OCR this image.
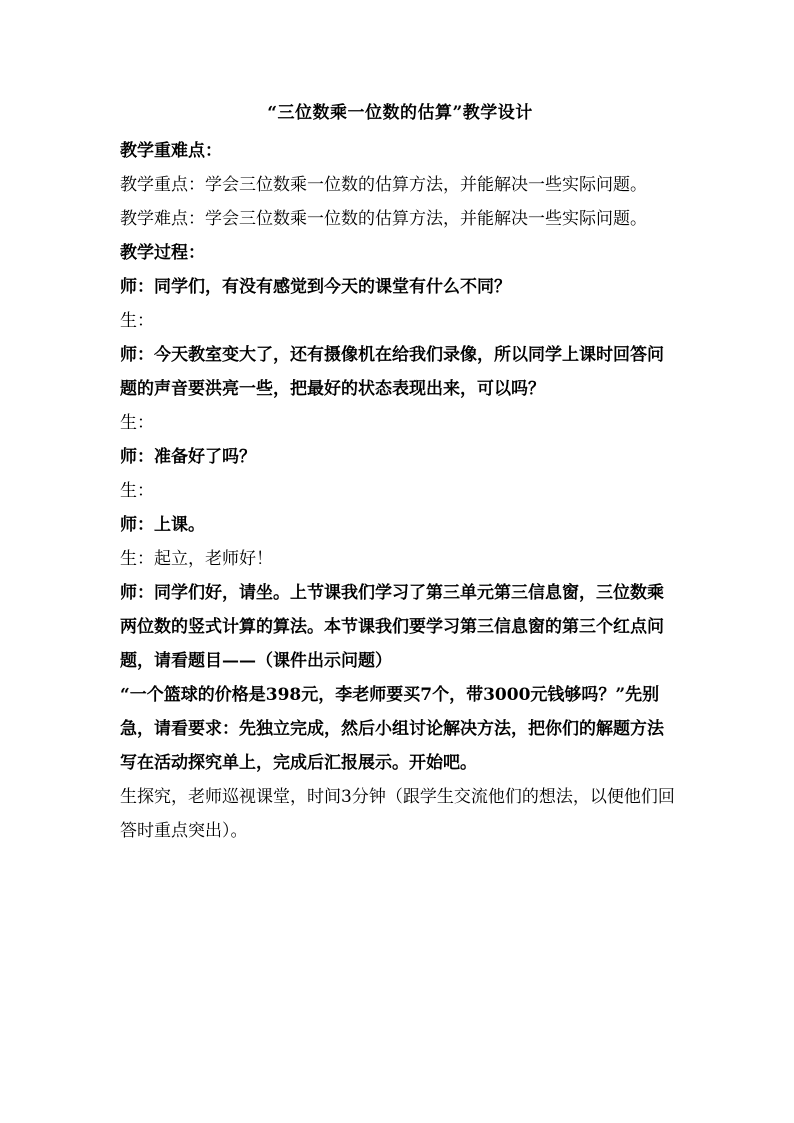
“三位数乘一位数的估算”教学设计

教学重难点：

教学重点：学会三位数乘一位数的估算方法，并能解决一些实际问题。

教学难点：学会三位数乘一位数的估算方法，并能解决一些实际问题。

教学过程：

师：同学们，有没有感觉到今天的课堂有什么不同？

生：

师：今天教室变大了，还有摄像机在给我们录像，所以同学上课时回答问题的声音要洪亮一些，把最好的状态表现出来，可以吗？

生：

师：准备好了吗？

生：

师：上课。

生：起立，老师好！

师：同学们好，请坐。上节课我们学习了第三单元第三信息窗，三位数乘两位数的竖式计算的算法。本节课我们要学习第三信息窗的第三个红点问题，请看题目——（课件出示问题）

“一个篮球的价格是398元，李老师要买7个，带3000元钱够吗？”先别急，请看要求：先独立完成，然后小组讨论解决方法，把你们的解题方法写在活动探究单上，完成后汇报展示。开始吧。

生探究，老师巡视课堂，时间3分钟（跟学生交流他们的想法，以便他们回答时重点突出）。
